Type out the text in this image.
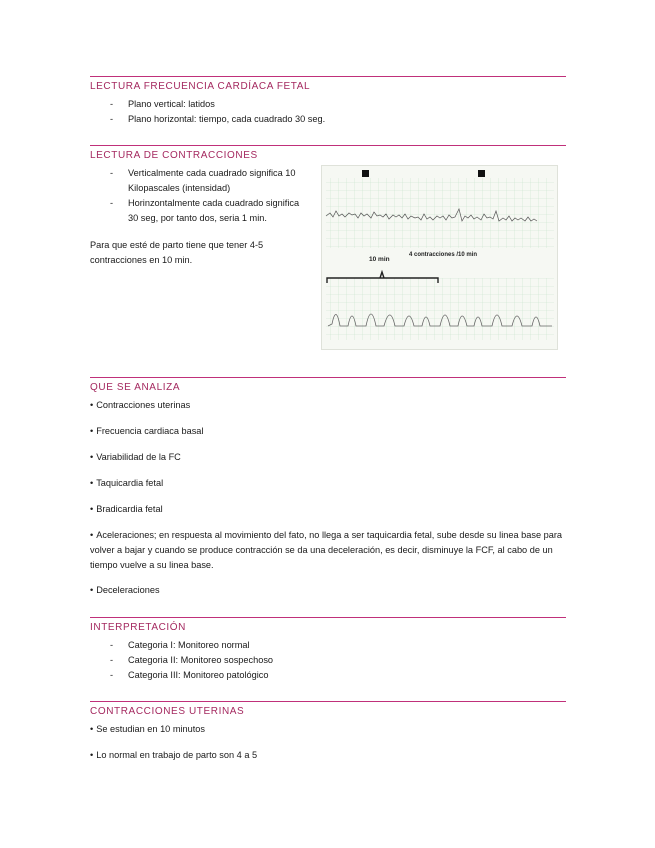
LECTURA FRECUENCIA CARDÍACA FETAL
- Plano vertical: latidos
- Plano horizontal: tiempo, cada cuadrado 30 seg.
LECTURA DE CONTRACCIONES
- Verticalmente cada cuadrado significa 10 Kilopascales (intensidad)
- Horinzontalmente cada cuadrado significa 30 seg, por tanto dos, seria 1 min.

Para que esté de parto tiene que tener 4-5 contracciones en 10 min.	10 min
4 contracciones /10 min
QUE SE ANALIZA

• Contracciones uterinas

• Frecuencia cardiaca basal

• Variabilidad de la FC

• Taquicardia fetal

• Bradicardia fetal

• Aceleraciones; en respuesta al movimiento del fato, no llega a ser taquicardia fetal, sube desde su linea base para volver a bajar y cuando se produce contracción se da una deceleración, es decir, disminuye la FCF, al cabo de un tiempo vuelve a su linea base.

• Deceleraciones

INTERPRETACIÓN
- Categoria I: Monitoreo normal
- Categoria II: Monitoreo sospechoso
- Categoria III: Monitoreo patológico
CONTRACCIONES UTERINAS

• Se estudian en 10 minutos

• Lo normal en trabajo de parto son 4 a 5
